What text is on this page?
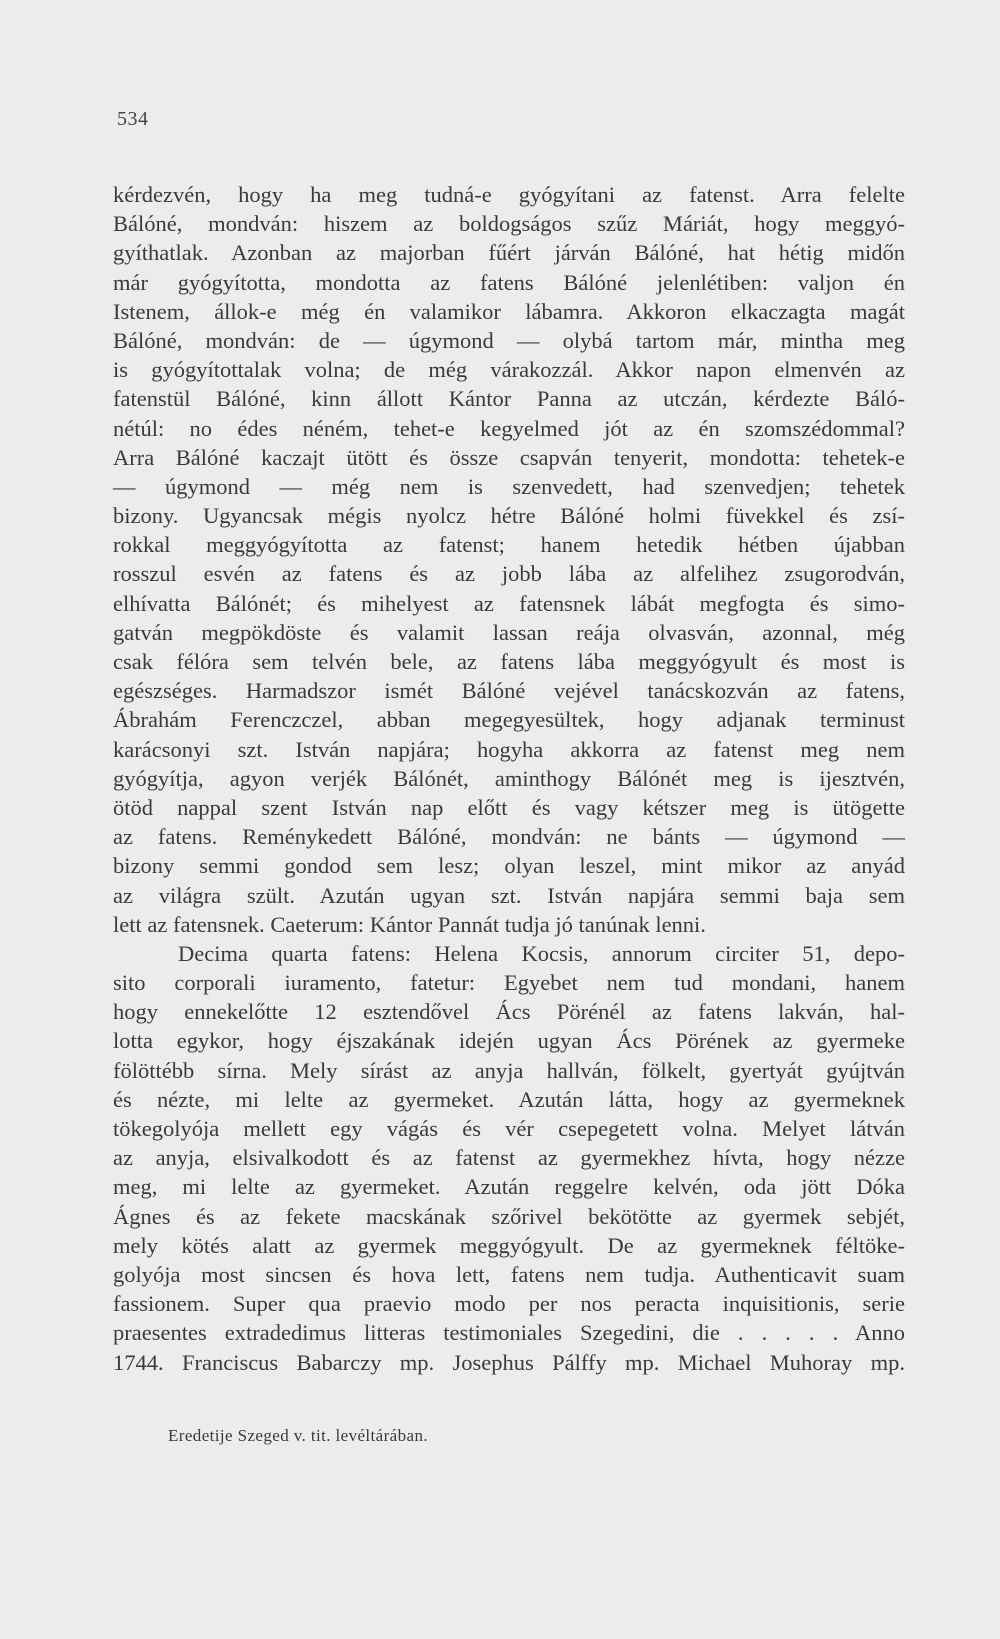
534
kérdezvén, hogy ha meg tudná-e gyógyítani az fatenst. Arra felelte
Bálóné, mondván: hiszem az boldogságos szűz Máriát, hogy meggyó-
gyíthatlak. Azonban az majorban fűért járván Bálóné, hat hétig midőn
már gyógyította, mondotta az fatens Bálóné jelenlétiben: valjon én
Istenem, állok-e még én valamikor lábamra. Akkoron elkaczagta magát
Bálóné, mondván: de — úgymond — olybá tartom már, mintha meg
is gyógyítottalak volna; de még várakozzál. Akkor napon elmenvén az
fatenstül Bálóné, kinn állott Kántor Panna az utczán, kérdezte Báló-
nétúl: no édes néném, tehet-e kegyelmed jót az én szomszédommal?
Arra Bálóné kaczajt ütött és össze csapván tenyerit, mondotta: tehetek-e
— úgymond — még nem is szenvedett, had szenvedjen; tehetek
bizony. Ugyancsak mégis nyolcz hétre Bálóné holmi füvekkel és zsí-
rokkal meggyógyította az fatenst; hanem hetedik hétben újabban
rosszul esvén az fatens és az jobb lába az alfelihez zsugorodván,
elhívatta Bálónét; és mihelyest az fatensnek lábát megfogta és simo-
gatván megpökdöste és valamit lassan reája olvasván, azonnal, még
csak félóra sem telvén bele, az fatens lába meggyógyult és most is
egészséges. Harmadszor ismét Bálóné vejével tanácskozván az fatens,
Ábrahám Ferenczczel, abban megegyesültek, hogy adjanak terminust
karácsonyi szt. István napjára; hogyha akkorra az fatenst meg nem
gyógyítja, agyon verjék Bálónét, aminthogy Bálónét meg is ijesztvén,
ötöd nappal szent István nap előtt és vagy kétszer meg is ütögette
az fatens. Reménykedett Bálóné, mondván: ne bánts — úgymond —
bizony semmi gondod sem lesz; olyan leszel, mint mikor az anyád
az világra szült. Azután ugyan szt. István napjára semmi baja sem
lett az fatensnek. Caeterum: Kántor Pannát tudja jó tanúnak lenni.
Decima quarta fatens: Helena Kocsis, annorum circiter 51, depo-
sito corporali iuramento, fatetur: Egyebet nem tud mondani, hanem
hogy ennekelőtte 12 esztendővel Ács Pörénél az fatens lakván, hal-
lotta egykor, hogy éjszakának idején ugyan Ács Pörének az gyermeke
fölöttébb sírna. Mely sírást az anyja hallván, fölkelt, gyertyát gyújtván
és nézte, mi lelte az gyermeket. Azután látta, hogy az gyermeknek
tökegolyója mellett egy vágás és vér csepegetett volna. Melyet látván
az anyja, elsivalkodott és az fatenst az gyermekhez hívta, hogy nézze
meg, mi lelte az gyermeket. Azután reggelre kelvén, oda jött Dóka
Ágnes és az fekete macskának szőrivel bekötötte az gyermek sebjét,
mely kötés alatt az gyermek meggyógyult. De az gyermeknek féltöke-
golyója most sincsen és hova lett, fatens nem tudja. Authenticavit suam
fassionem. Super qua praevio modo per nos peracta inquisitionis, serie
praesentes extradedimus litteras testimoniales Szegedini, die . . . . . Anno
1744. Franciscus Babarczy mp. Josephus Pálffy mp. Michael Muhoray mp.
Eredetije Szeged v. tit. levéltárában.
